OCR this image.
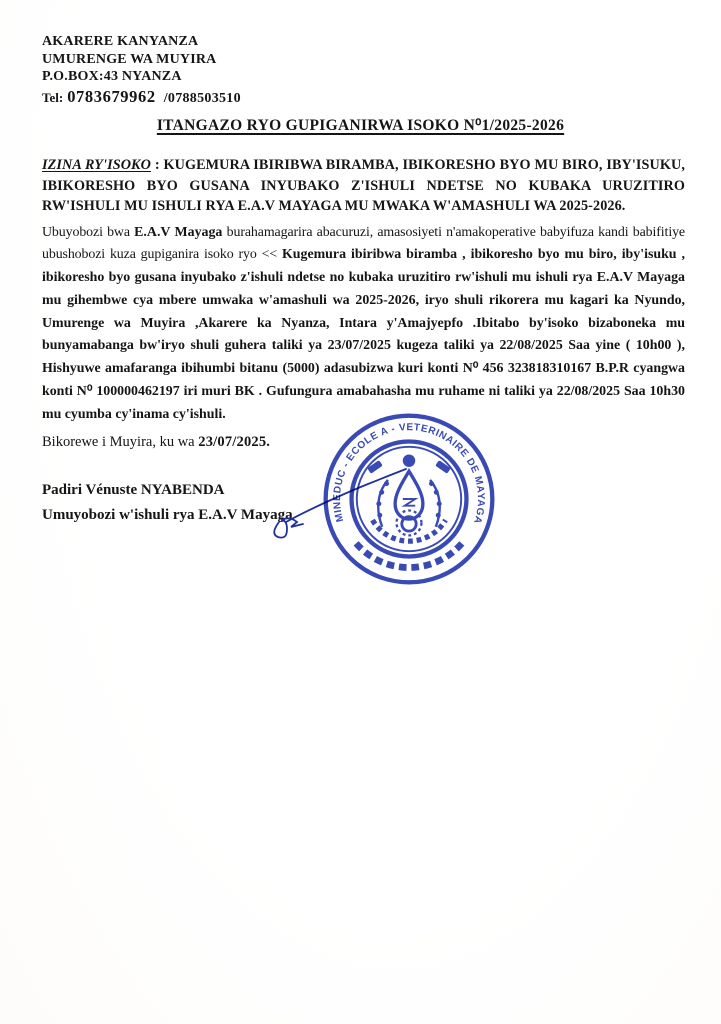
AKARERE KANYANZA
UMURENGE WA MUYIRA
P.O.BOX:43 NYANZA
Tel: 0783679962 /0788503510
ITANGAZO RYO GUPIGANIRWA ISOKO N⁰1/2025-2026

IZINA RY'ISOKO : KUGEMURA IBIRIBWA BIRAMBA, IBIKORESHO BYO MU BIRO, IBY'ISUKU, IBIKORESHO BYO GUSANA INYUBAKO Z'ISHULI NDETSE NO KUBAKA URUZITIRO RW'ISHULI MU ISHULI RYA E.A.V MAYAGA MU MWAKA W'AMASHULI WA 2025-2026.

Ubuyobozi bwa E.A.V Mayaga burahamagarira abacuruzi, amasosiyeti n'amakoperative babyifuza kandi babifitiye ubushobozi kuza gupiganira isoko ryo << Kugemura ibiribwa biramba , ibikoresho byo mu biro, iby'isuku , ibikoresho byo gusana inyubako z'ishuli ndetse no kubaka uruzitiro rw'ishuli mu ishuli rya E.A.V Mayaga mu gihembwe cya mbere umwaka w'amashuli wa 2025-2026, iryo shuli rikorera mu kagari ka Nyundo, Umurenge wa Muyira ,Akarere ka Nyanza, Intara y'Amajyepfo .Ibitabo by'isoko bizaboneka mu bunyamabanga bw'iryo shuli guhera taliki ya 23/07/2025 kugeza taliki ya 22/08/2025 Saa yine ( 10h00 ), Hishyuwe amafaranga ibihumbi bitanu (5000) adasubizwa kuri konti N⁰ 456 323818310167 B.P.R cyangwa konti N⁰ 100000462197 iri muri BK . Gufungura amabahasha mu ruhame ni taliki ya 22/08/2025 Saa 10h30 mu cyumba cy'inama cy'ishuli.

Bikorewe i Muyira, ku wa 23/07/2025.

Padiri Vénuste NYABENDA
Umuyobozi w'ishuli rya E.A.V Mayaga	MINEDUC - ECOLE A - VETERINAIRE DE MAYAGA
